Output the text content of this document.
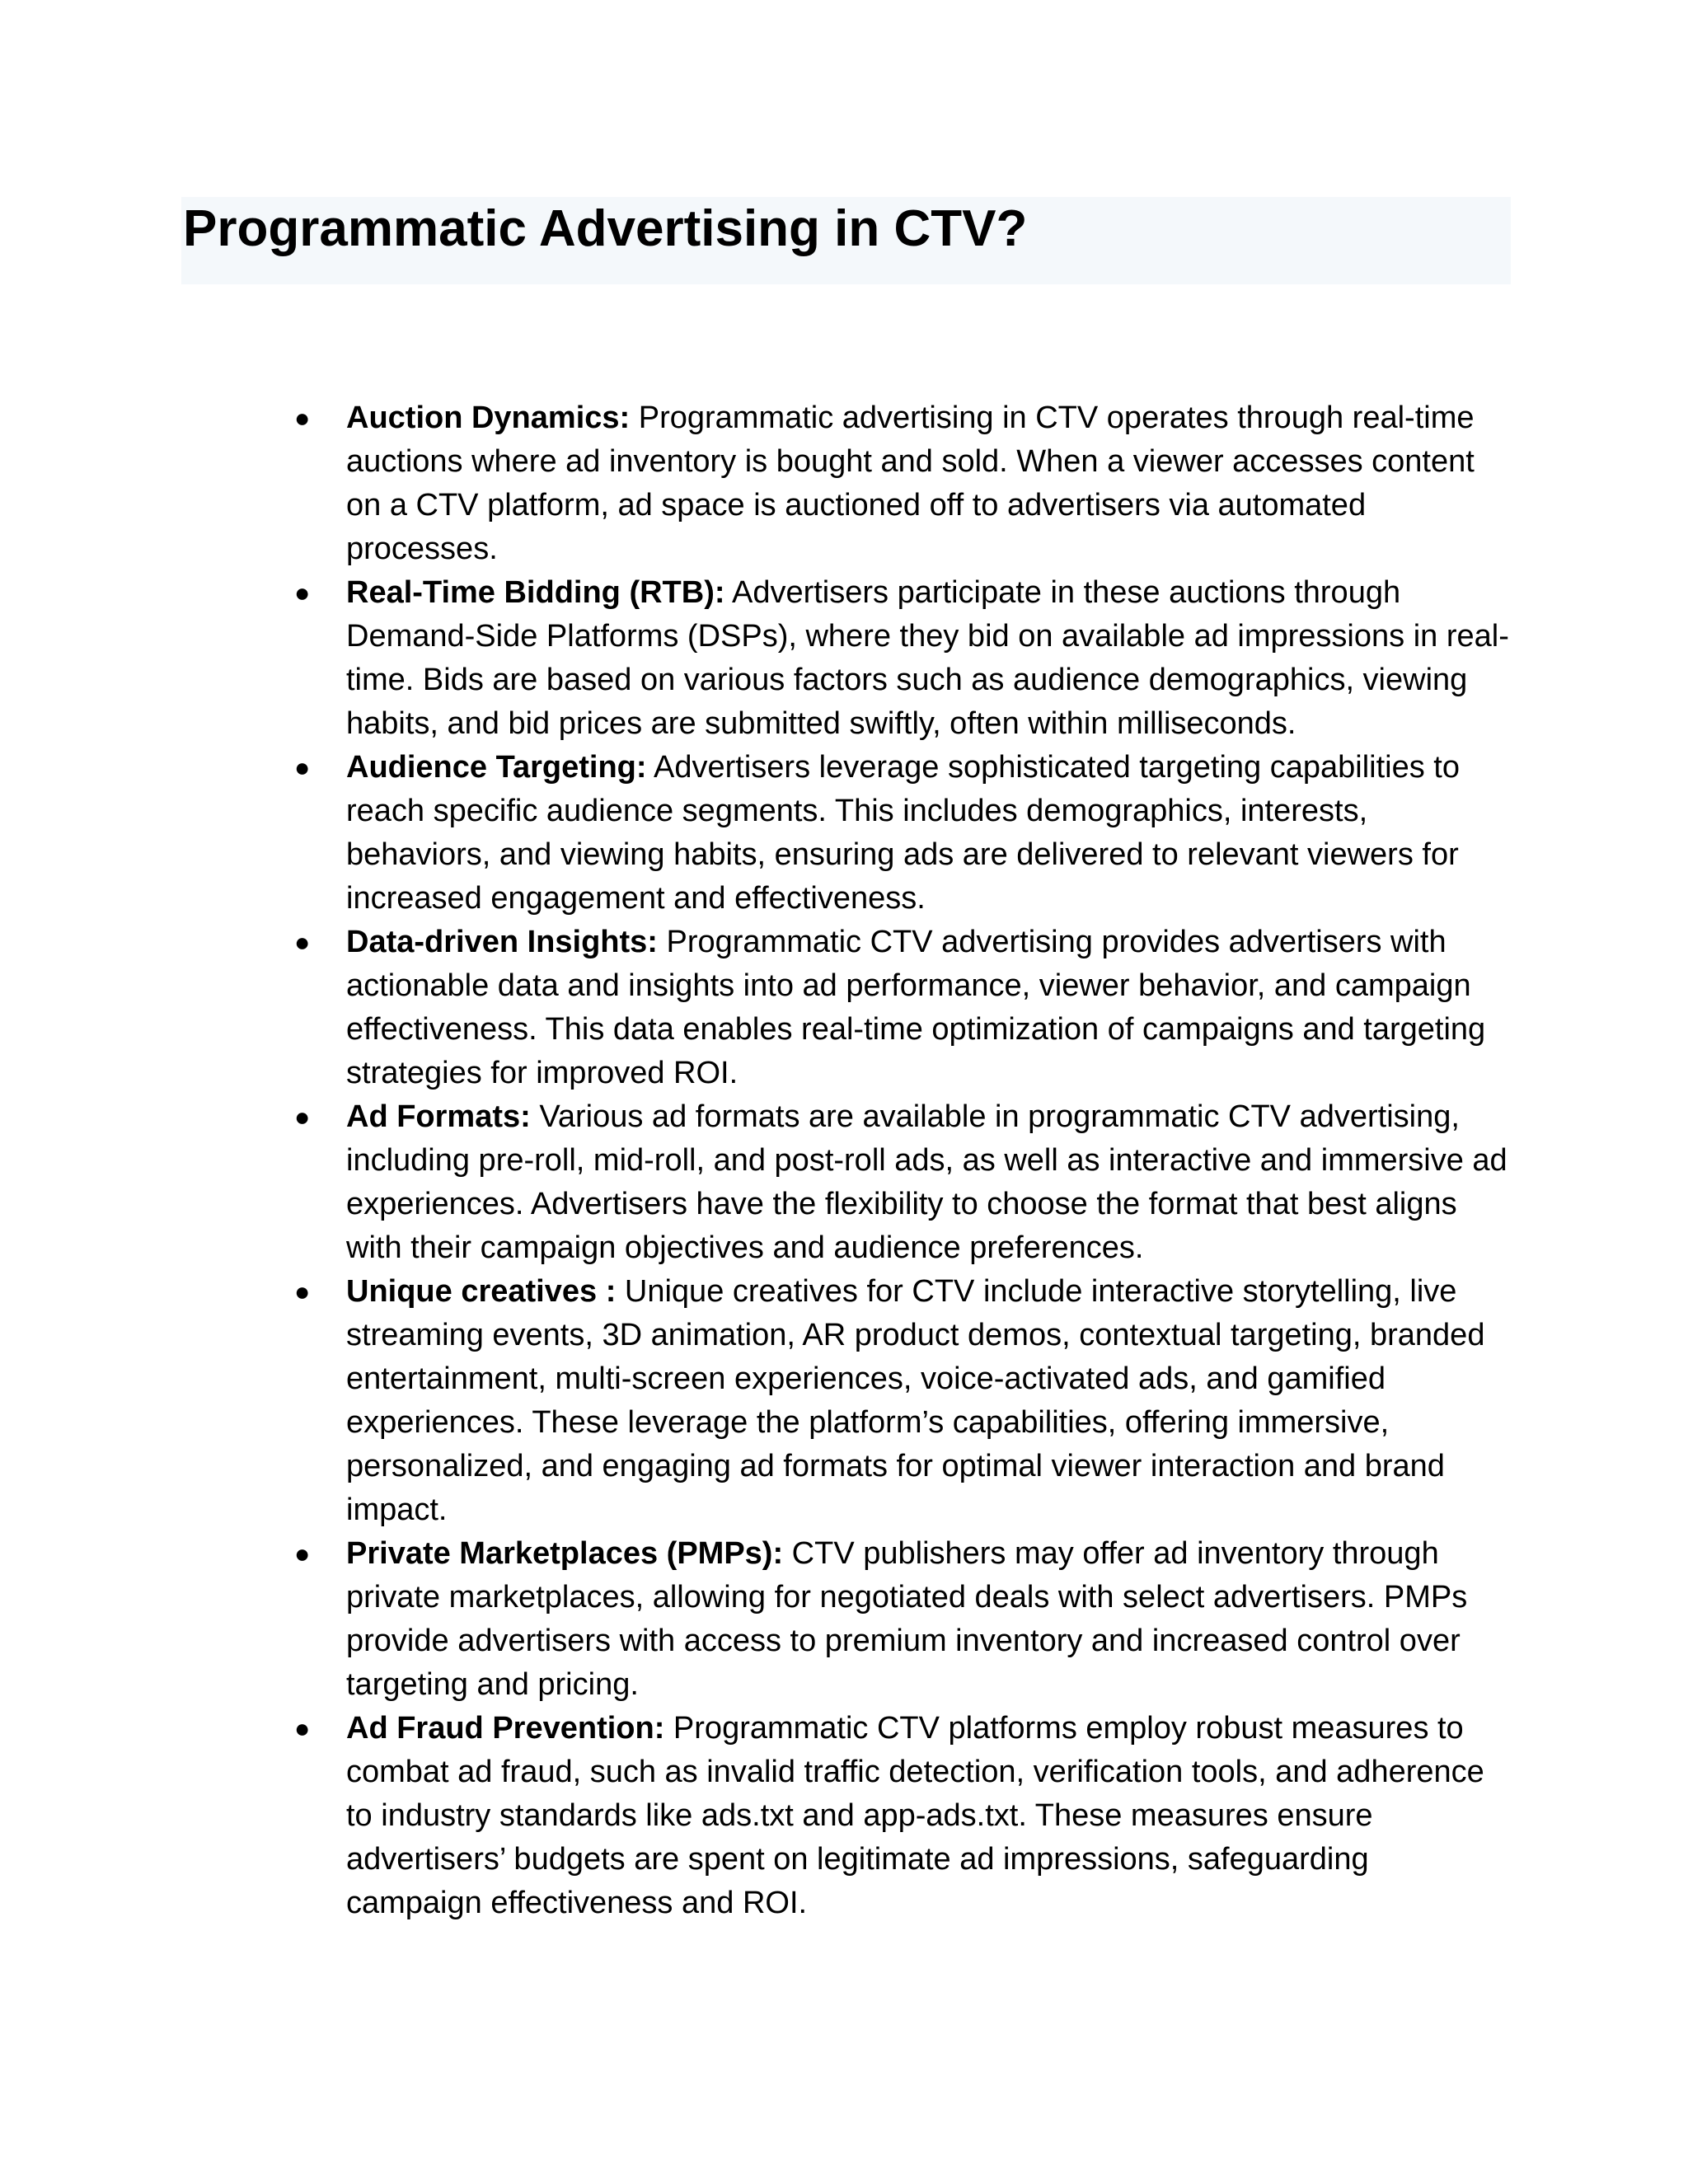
Programmatic Advertising in CTV?
● Auction Dynamics: Programmatic advertising in CTV operates through real-time auctions where ad inventory is bought and sold. When a viewer accesses content on a CTV platform, ad space is auctioned off to advertisers via automated processes.
● Real-Time Bidding (RTB): Advertisers participate in these auctions through Demand-Side Platforms (DSPs), where they bid on available ad impressions in real-time. Bids are based on various factors such as audience demographics, viewing habits, and bid prices are submitted swiftly, often within milliseconds.
● Audience Targeting: Advertisers leverage sophisticated targeting capabilities to reach specific audience segments. This includes demographics, interests, behaviors, and viewing habits, ensuring ads are delivered to relevant viewers for increased engagement and effectiveness.
● Data-driven Insights: Programmatic CTV advertising provides advertisers with actionable data and insights into ad performance, viewer behavior, and campaign effectiveness. This data enables real-time optimization of campaigns and targeting strategies for improved ROI.
● Ad Formats: Various ad formats are available in programmatic CTV advertising, including pre-roll, mid-roll, and post-roll ads, as well as interactive and immersive ad experiences. Advertisers have the flexibility to choose the format that best aligns with their campaign objectives and audience preferences.
● Unique creatives : Unique creatives for CTV include interactive storytelling, live streaming events, 3D animation, AR product demos, contextual targeting, branded entertainment, multi-screen experiences, voice-activated ads, and gamified experiences. These leverage the platform’s capabilities, offering immersive, personalized, and engaging ad formats for optimal viewer interaction and brand impact.
● Private Marketplaces (PMPs): CTV publishers may offer ad inventory through private marketplaces, allowing for negotiated deals with select advertisers. PMPs provide advertisers with access to premium inventory and increased control over targeting and pricing.
● Ad Fraud Prevention: Programmatic CTV platforms employ robust measures to combat ad fraud, such as invalid traffic detection, verification tools, and adherence to industry standards like ads.txt and app-ads.txt. These measures ensure advertisers’ budgets are spent on legitimate ad impressions, safeguarding campaign effectiveness and ROI.
